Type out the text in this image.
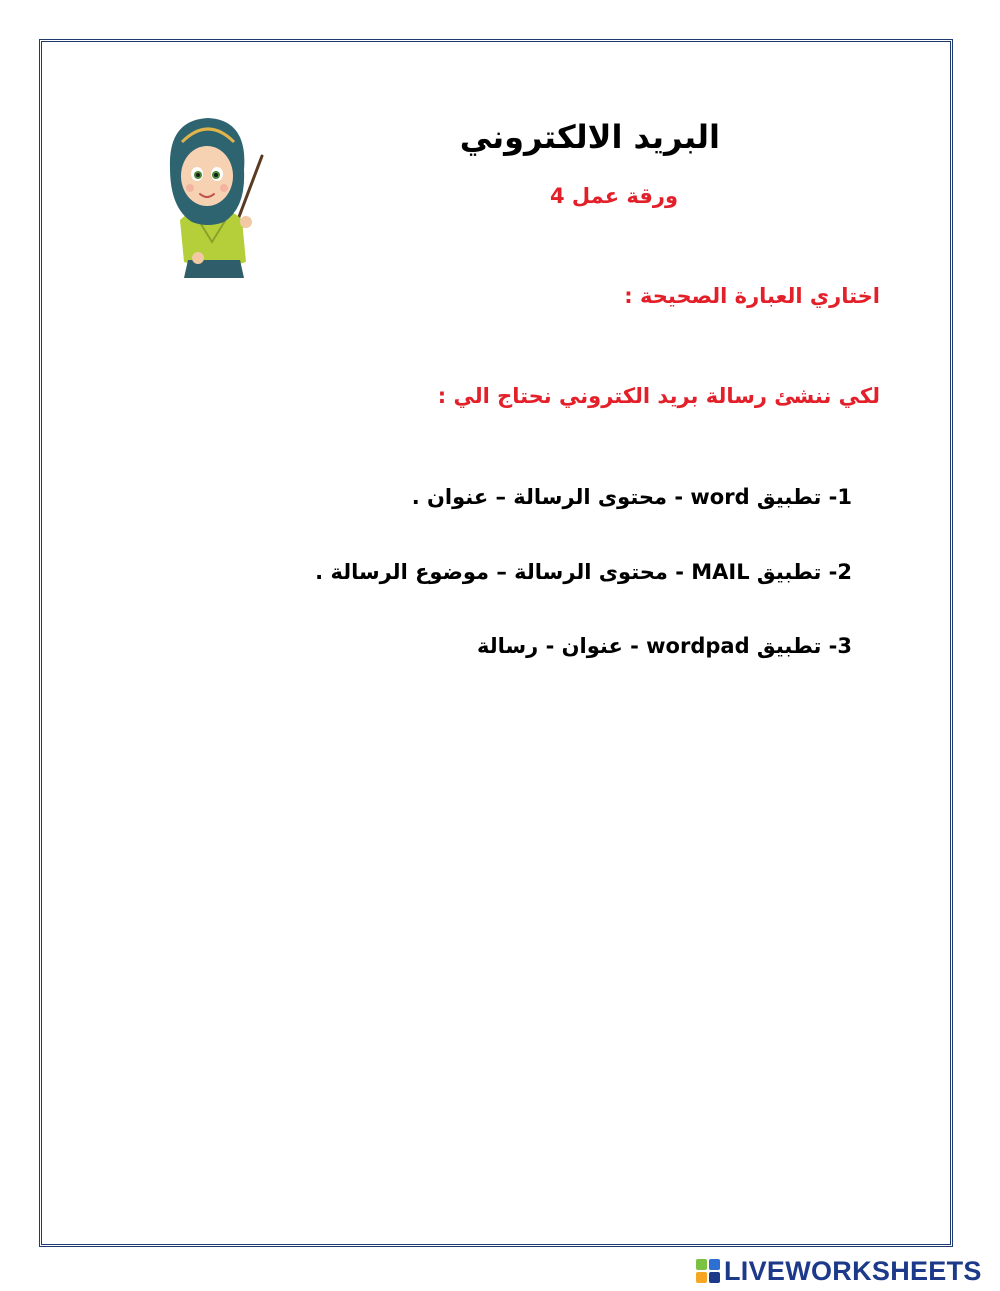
البريد الالكتروني
ورقة عمل 4
اختاري العبارة الصحيحة :
لكي ننشئ رسالة بريد الكتروني نحتاج الي :
1- تطبيق word - محتوى الرسالة – عنوان .
2- تطبيق MAIL - محتوى الرسالة – موضوع الرسالة .
3- تطبيق wordpad - عنوان - رسالة
LIVEWORKSHEETS
